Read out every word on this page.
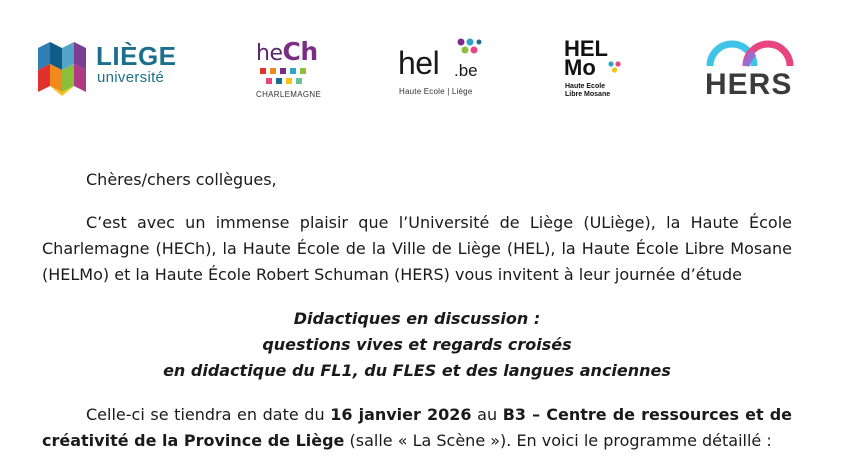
LIÈGE
université
heCh
CHARLEMAGNE
hel .be
Haute Ecole | Liège
HEL
Mo
Haute Ecole
Libre Mosane	HERS

Chères/chers collègues,

C’est avec un immense plaisir que l’Université de Liège (ULiège), la Haute École Charlemagne (HECh), la Haute École de la Ville de Liège (HEL), la Haute École Libre Mosane (HELMo) et la Haute École Robert Schuman (HERS) vous invitent à leur journée d’étude

Didactiques en discussion :
questions vives et regards croisés
en didactique du FL1, du FLES et des langues anciennes

Celle-ci se tiendra en date du 16 janvier 2026 au B3 – Centre de ressources et de créativité de la Province de Liège (salle « La Scène »). En voici le programme détaillé :
